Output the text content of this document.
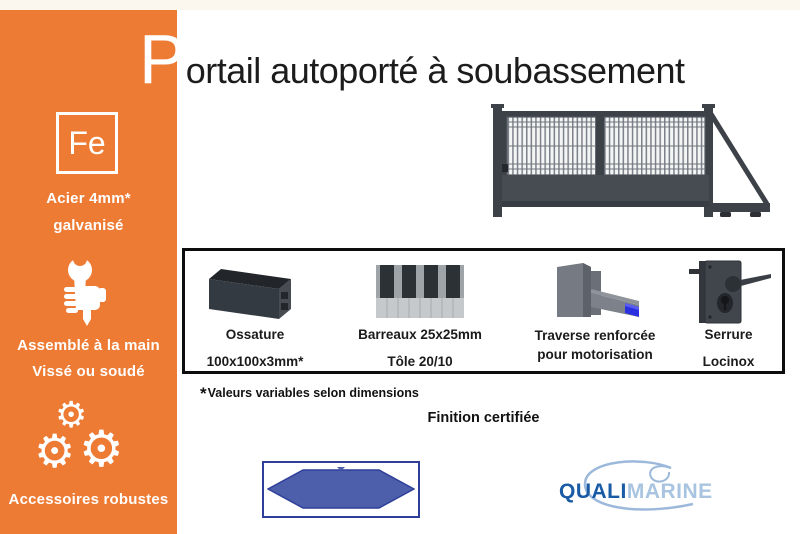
Fe
Acier 4mm*
galvanisé
Assemblé à la main
Vissé ou soudé
⚙
⚙ ⚙
Accessoires robustes
P ortail autoporté à soubassement
Ossature
100x100x3mm*
Barreaux 25x25mm
Tôle 20/10
Traverse renforcée
pour motorisation
Serrure
Locinox
*Valeurs variables selon dimensions
Finition certifiée
QUALIMARINE
